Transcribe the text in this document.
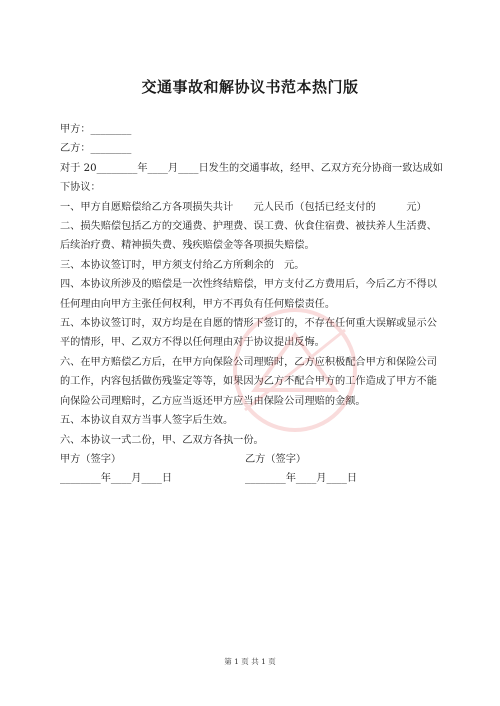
交通事故和解协议书范本热门版

甲方：________

乙方：________

对于 20________年____月____日发生的交通事故，经甲、乙双方充分协商一致达成如

下协议：

一、甲方自愿赔偿给乙方各项损失共计　　元人民币（包括已经支付的　　　元）

二、损失赔偿包括乙方的交通费、护理费、误工费、伙食住宿费、被扶养人生活费、

后续治疗费、精神损失费、残疾赔偿金等各项损失赔偿。

三、本协议签订时，甲方须支付给乙方所剩余的　元。

四、本协议所涉及的赔偿是一次性终结赔偿，甲方支付乙方费用后，今后乙方不得以

任何理由向甲方主张任何权利，甲方不再负有任何赔偿责任。

五、本协议签订时，双方均是在自愿的情形下签订的，不存在任何重大误解或显示公

平的情形，甲、乙双方不得以任何理由对于协议提出反悔。

六、在甲方赔偿乙方后，在甲方向保险公司理赔时，乙方应积极配合甲方和保险公司

的工作，内容包括做伤残鉴定等等，如果因为乙方不配合甲方的工作造成了甲方不能

向保险公司理赔时，乙方应当返还甲方应当由保险公司理赔的金额。

五、本协议自双方当事人签字后生效。

六、本协议一式二份，甲、乙双方各执一份。

甲方（签字）	乙方（签字）
________年____月____日	________年____月____日
第 1 页 共 1 页
